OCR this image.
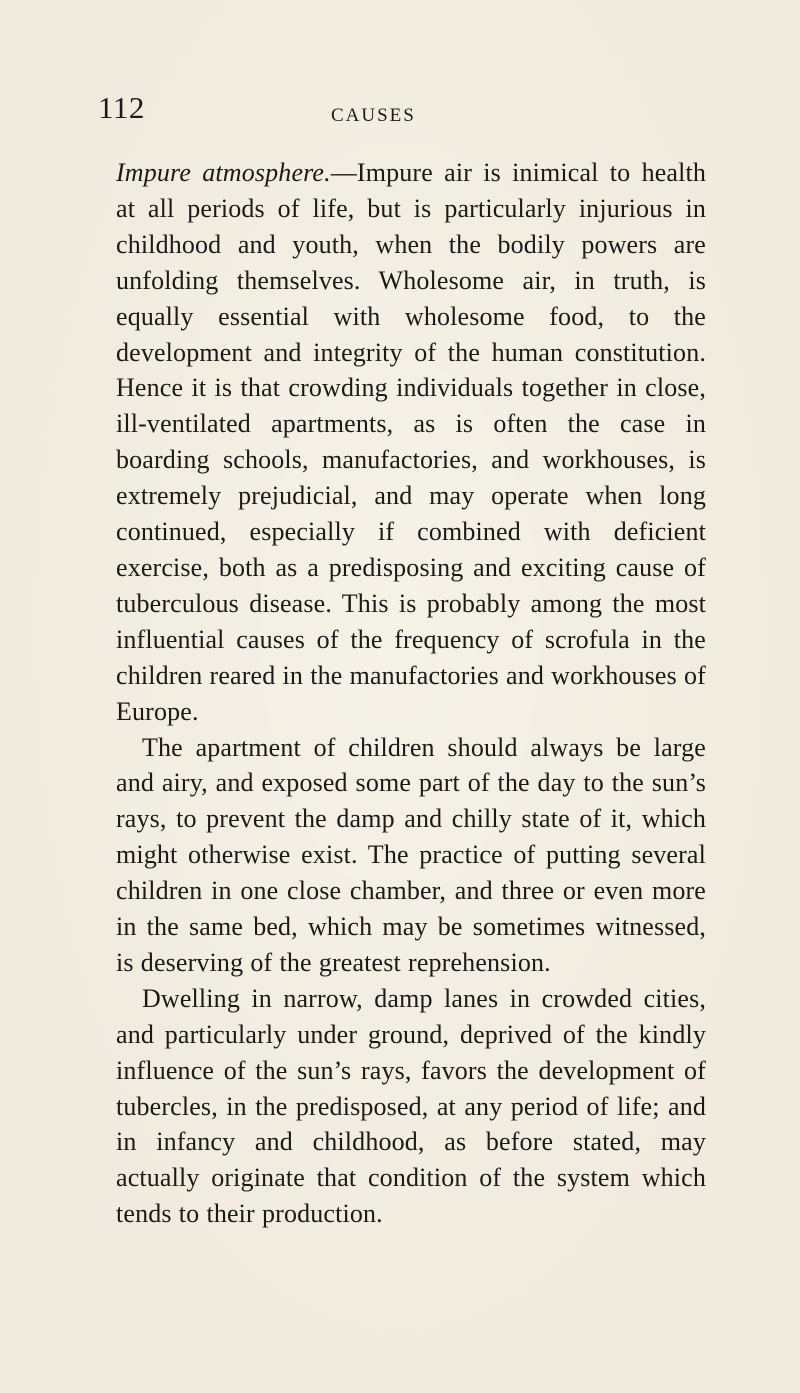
112	CAUSES

Impure atmosphere.—Impure air is inimical to health at all periods of life, but is particularly injurious in childhood and youth, when the bodily powers are unfolding themselves. Wholesome air, in truth, is equally essential with wholesome food, to the development and integrity of the human constitution. Hence it is that crowding individuals together in close, ill-ventilated apartments, as is often the case in boarding schools, manufactories, and workhouses, is extremely prejudicial, and may operate when long continued, especially if combined with deficient exercise, both as a predisposing and exciting cause of tuberculous disease. This is probably among the most influential causes of the frequency of scrofula in the children reared in the manufactories and workhouses of Europe.

The apartment of children should always be large and airy, and exposed some part of the day to the sun’s rays, to prevent the damp and chilly state of it, which might otherwise exist. The practice of putting several children in one close chamber, and three or even more in the same bed, which may be sometimes witnessed, is deserving of the greatest reprehension.

Dwelling in narrow, damp lanes in crowded cities, and particularly under ground, deprived of the kindly influence of the sun’s rays, favors the development of tubercles, in the predisposed, at any period of life; and in infancy and childhood, as before stated, may actually originate that condition of the system which tends to their production.
